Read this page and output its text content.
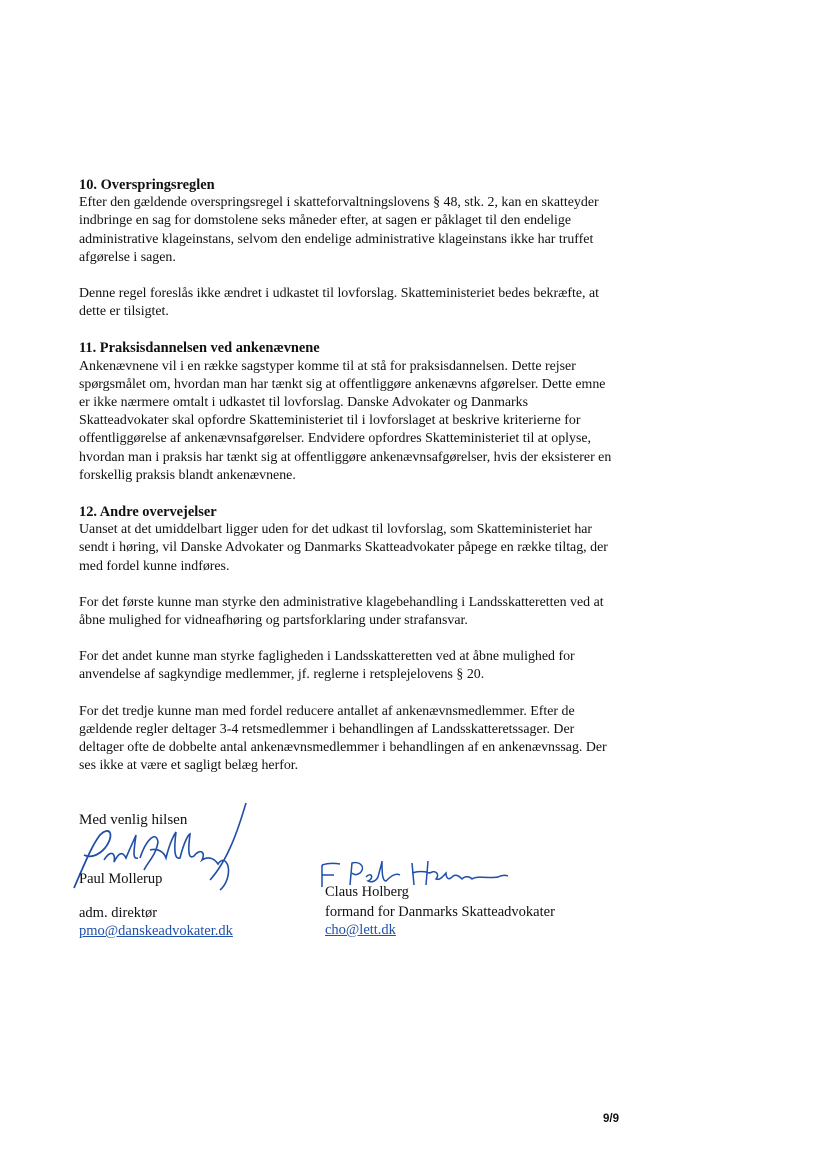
10. Overspringsreglen

Efter den gældende overspringsregel i skatteforvaltningslovens § 48, stk. 2, kan en skatteyder indbringe en sag for domstolene seks måneder efter, at sagen er påklaget til den endelige administrative klageinstans, selvom den endelige administrative klageinstans ikke har truffet afgørelse i sagen.

Denne regel foreslås ikke ændret i udkastet til lovforslag. Skatteministeriet bedes bekræfte, at dette er tilsigtet.

11. Praksisdannelsen ved ankenævnene

Ankenævnene vil i en række sagstyper komme til at stå for praksisdannelsen. Dette rejser spørgsmålet om, hvordan man har tænkt sig at offentliggøre ankenævns afgørelser. Dette emne er ikke nærmere omtalt i udkastet til lovforslag. Danske Advokater og Danmarks Skatteadvokater skal opfordre Skatteministeriet til i lovforslaget at beskrive kriterierne for offentliggørelse af ankenævnsafgørelser. Endvidere opfordres Skatteministeriet til at oplyse, hvordan man i praksis har tænkt sig at offentliggøre ankenævnsafgørelser, hvis der eksisterer en forskellig praksis blandt ankenævnene.

12. Andre overvejelser

Uanset at det umiddelbart ligger uden for det udkast til lovforslag, som Skatteministeriet har sendt i høring, vil Danske Advokater og Danmarks Skatteadvokater påpege en række tiltag, der med fordel kunne indføres.

For det første kunne man styrke den administrative klagebehandling i Landsskatteretten ved at åbne mulighed for vidneafhøring og partsforklaring under strafansvar.

For det andet kunne man styrke fagligheden i Landsskatteretten ved at åbne mulighed for anvendelse af sagkyndige medlemmer, jf. reglerne i retsplejelovens § 20.

For det tredje kunne man med fordel reducere antallet af ankenævnsmedlemmer. Efter de gældende regler deltager 3-4 retsmedlemmer i behandlingen af Landsskatteretssager. Der deltager ofte de dobbelte antal ankenævnsmedlemmer i behandlingen af en ankenævnssag. Der ses ikke at være et sagligt belæg herfor.

Med venlig hilsen
Paul Mollerup
adm. direktør
pmo@danskeadvokater.dk
Claus Holberg
formand for Danmarks Skatteadvokater
cho@lett.dk
9/9
